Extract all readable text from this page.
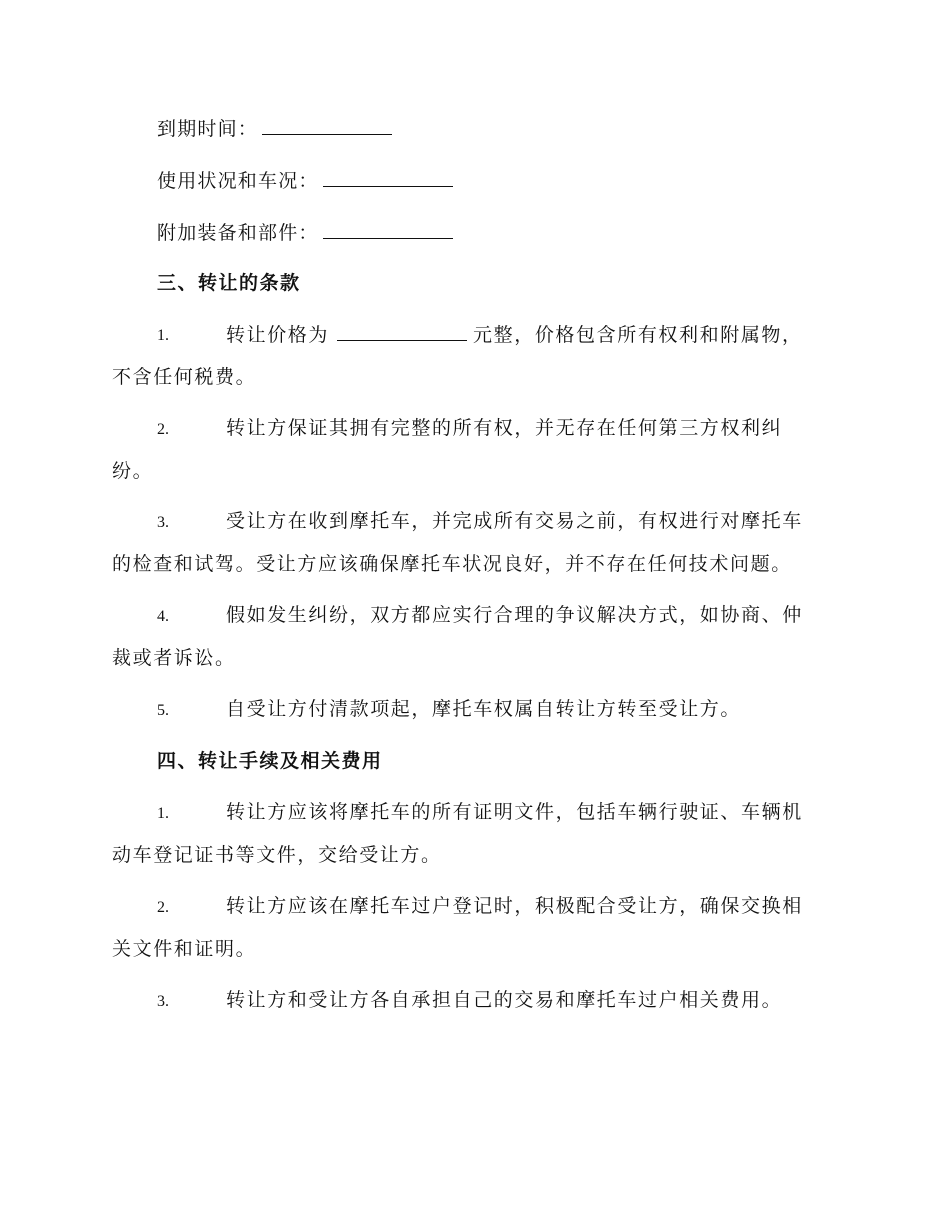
到期时间：
使用状况和车况：
附加装备和部件：
三、转让的条款
1.	转让价格为	元整，价格包含所有权利和附属物，
不含任何税费。
2.	转让方保证其拥有完整的所有权，并无存在任何第三方权利纠
纷。
3.	受让方在收到摩托车，并完成所有交易之前，有权进行对摩托车
的检查和试驾。受让方应该确保摩托车状况良好，并不存在任何技术问题。
4.	假如发生纠纷，双方都应实行合理的争议解决方式，如协商、仲
裁或者诉讼。
5.	自受让方付清款项起，摩托车权属自转让方转至受让方。
四、转让手续及相关费用
1.	转让方应该将摩托车的所有证明文件，包括车辆行驶证、车辆机
动车登记证书等文件，交给受让方。
2.	转让方应该在摩托车过户登记时，积极配合受让方，确保交换相
关文件和证明。
3.	转让方和受让方各自承担自己的交易和摩托车过户相关费用。
